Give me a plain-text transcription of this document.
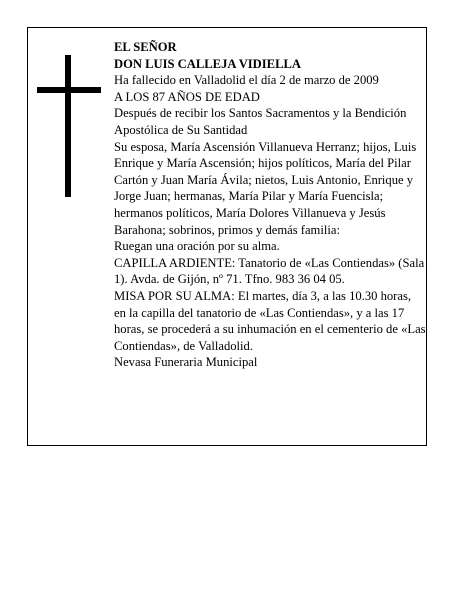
EL SEÑOR

DON LUIS CALLEJA VIDIELLA

Ha fallecido en Valladolid el día 2 de marzo de 2009

A LOS 87 AÑOS DE EDAD

Después de recibir los Santos Sacramentos y la Bendición Apostólica de Su Santidad

Su esposa, María Ascensión Villanueva Herranz; hijos, Luis Enrique y María Ascensión; hijos políticos, María del Pilar Cartón y Juan María Ávila; nietos, Luis Antonio, Enrique y Jorge Juan; hermanas, María Pilar y María Fuencisla; hermanos políticos, María Dolores Villanueva y Jesús Barahona; sobrinos, primos y demás familia:

Ruegan una oración por su alma.

CAPILLA ARDIENTE: Tanatorio de «Las Contiendas» (Sala 1). Avda. de Gijón, nº 71. Tfno. 983 36 04 05.

MISA POR SU ALMA: El martes, día 3, a las 10.30 horas, en la capilla del tanatorio de «Las Contiendas», y a las 17 horas, se procederá a su inhumación en el cementerio de «Las Contiendas», de Valladolid.

Nevasa Funeraria Municipal
